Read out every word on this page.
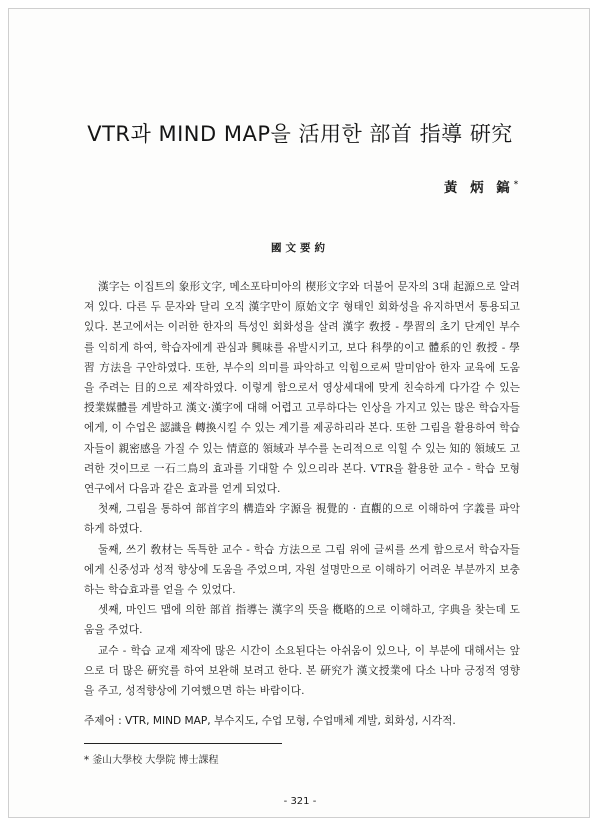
VTR과 MIND MAP을 活用한 部首 指導 硏究
黃 炳 鎬*
國文要約

漢字는 이집트의 象形文字, 메소포타미아의 楔形文字와 더불어 문자의 3대 起源으로 알려져 있다. 다른 두 문자와 달리 오직 漢字만이 原始文字 형태인 회화성을 유지하면서 통용되고 있다. 본고에서는 이러한 한자의 특성인 회화성을 살려 漢字 敎授 - 學習의 초기 단계인 부수를 익히게 하여, 학습자에게 관심과 興味를 유발시키고, 보다 科學的이고 體系的인 敎授 - 學習 方法을 구안하였다. 또한, 부수의 의미를 파악하고 익힘으로써 말미암아 한자 교육에 도움을 주려는 目的으로 제작하였다. 이렇게 함으로서 영상세대에 맞게 친숙하게 다가갈 수 있는 授業媒體를 계발하고 漢文·漢字에 대해 어렵고 고루하다는 인상을 가지고 있는 많은 학습자들에게, 이 수업은 認識을 轉換시킬 수 있는 계기를 제공하리라 본다. 또한 그림을 활용하여 학습자들이 親密感을 가질 수 있는 情意的 領域과 부수를 논리적으로 익힐 수 있는 知的 領域도 고려한 것이므로 一石二鳥의 효과를 기대할 수 있으리라 본다. VTR을 활용한 교수 - 학습 모형 연구에서 다음과 같은 효과를 얻게 되었다.

첫째, 그림을 통하여 部首字의 構造와 字源을 視覺的 · 直觀的으로 이해하여 字義를 파악하게 하였다.

둘째, 쓰기 敎材는 독특한 교수 - 학습 方法으로 그림 위에 글씨를 쓰게 함으로서 학습자들에게 신중성과 성적 향상에 도움을 주었으며, 자원 설명만으로 이해하기 어려운 부분까지 보충하는 학습효과를 얻을 수 있었다.

셋째, 마인드 맵에 의한 部首 指導는 漢字의 뜻을 槪略的으로 이해하고, 字典을 찾는데 도움을 주었다.

교수 - 학습 교재 제작에 많은 시간이 소요된다는 아쉬움이 있으나, 이 부분에 대해서는 앞으로 더 많은 硏究를 하여 보완해 보려고 한다. 본 硏究가 漢文授業에 다소 나마 긍정적 영향을 주고, 성적향상에 기여했으면 하는 바람이다.

주제어 : VTR, MIND MAP, 부수지도, 수업 모형, 수업매체 계발, 회화성, 시각적.
* 釜山大學校 大學院 博士課程
- 321 -
